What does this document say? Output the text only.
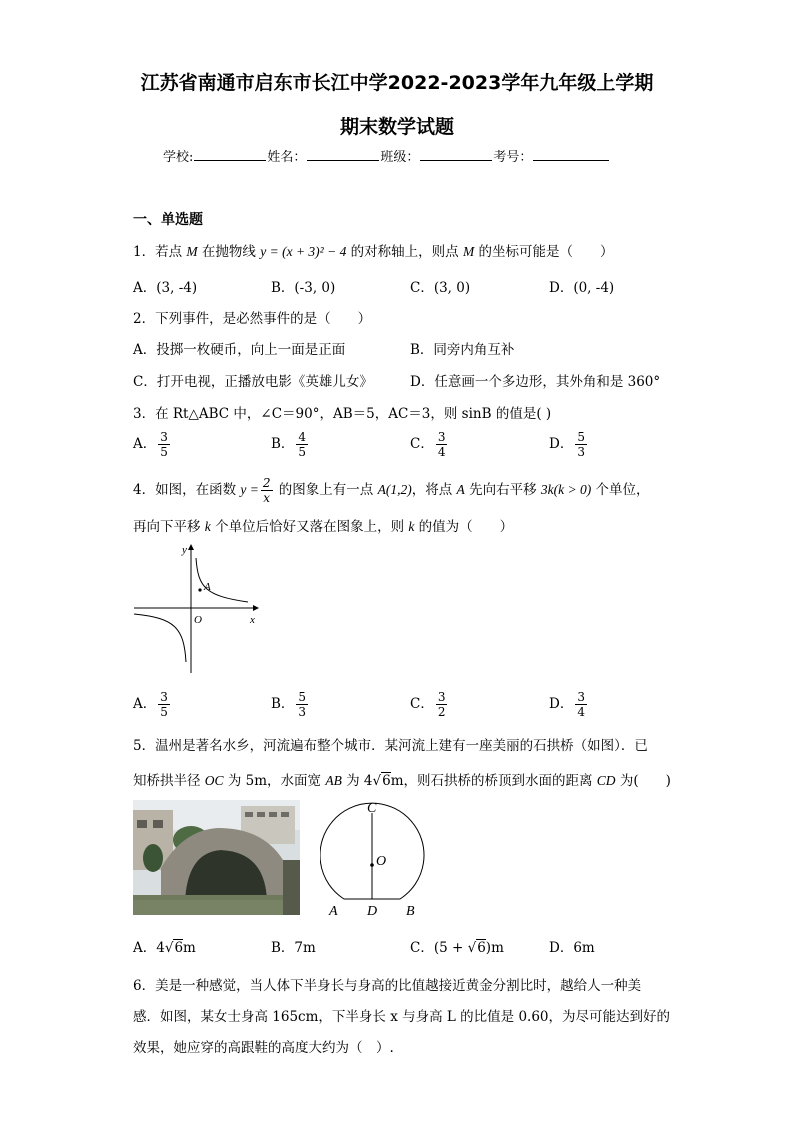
江苏省南通市启东市长江中学2022-2023学年九年级上学期
期末数学试题
学校:	姓名：	班级：	考号：
一、单选题
1．若点 M 在抛物线 y = (x + 3)² − 4 的对称轴上，则点 M 的坐标可能是（　　）
A．(3, -4)	B．(-3, 0)	C．(3, 0)	D．(0, -4)
2．下列事件，是必然事件的是（　　）
A．投掷一枚硬币，向上一面是正面	B．同旁内角互补
C．打开电视，正播放电影《英雄儿女》	D．任意画一个多边形，其外角和是 360°
3．在 Rt△ABC 中，∠C＝90°，AB＝5，AC＝3，则 sinB 的值是( )
A． $\frac{3}{5}$	B． $\frac{4}{5}$	C． $\frac{3}{4}$	D． $\frac{5}{3}$
4．如图，在函数 $y = \frac{2}{x}$ 的图象上有一点 A(1,2)，将点 A 先向右平移 3k(k > 0) 个单位，
再向下平移 k 个单位后恰好又落在图象上，则 k 的值为（　　）
A
y
O	x
A． $\frac{3}{5}$	B． $\frac{5}{3}$	C． $\frac{3}{2}$	D． $\frac{3}{4}$
5．温州是著名水乡，河流遍布整个城市．某河流上建有一座美丽的石拱桥（如图）．已
知桥拱半径 OC 为 5m，水面宽 AB 为 4√6m，则石拱桥的桥顶到水面的距离 CD 为(　　)
C
O
A D B
A．4√6m	B．7m	C．(5 + √6)m	D．6m
6．美是一种感觉，当人体下半身长与身高的比值越接近黄金分割比时，越给人一种美
感．如图，某女士身高 165cm，下半身长 x 与身高 L 的比值是 0.60，为尽可能达到好的
效果，她应穿的高跟鞋的高度大约为（　）.
